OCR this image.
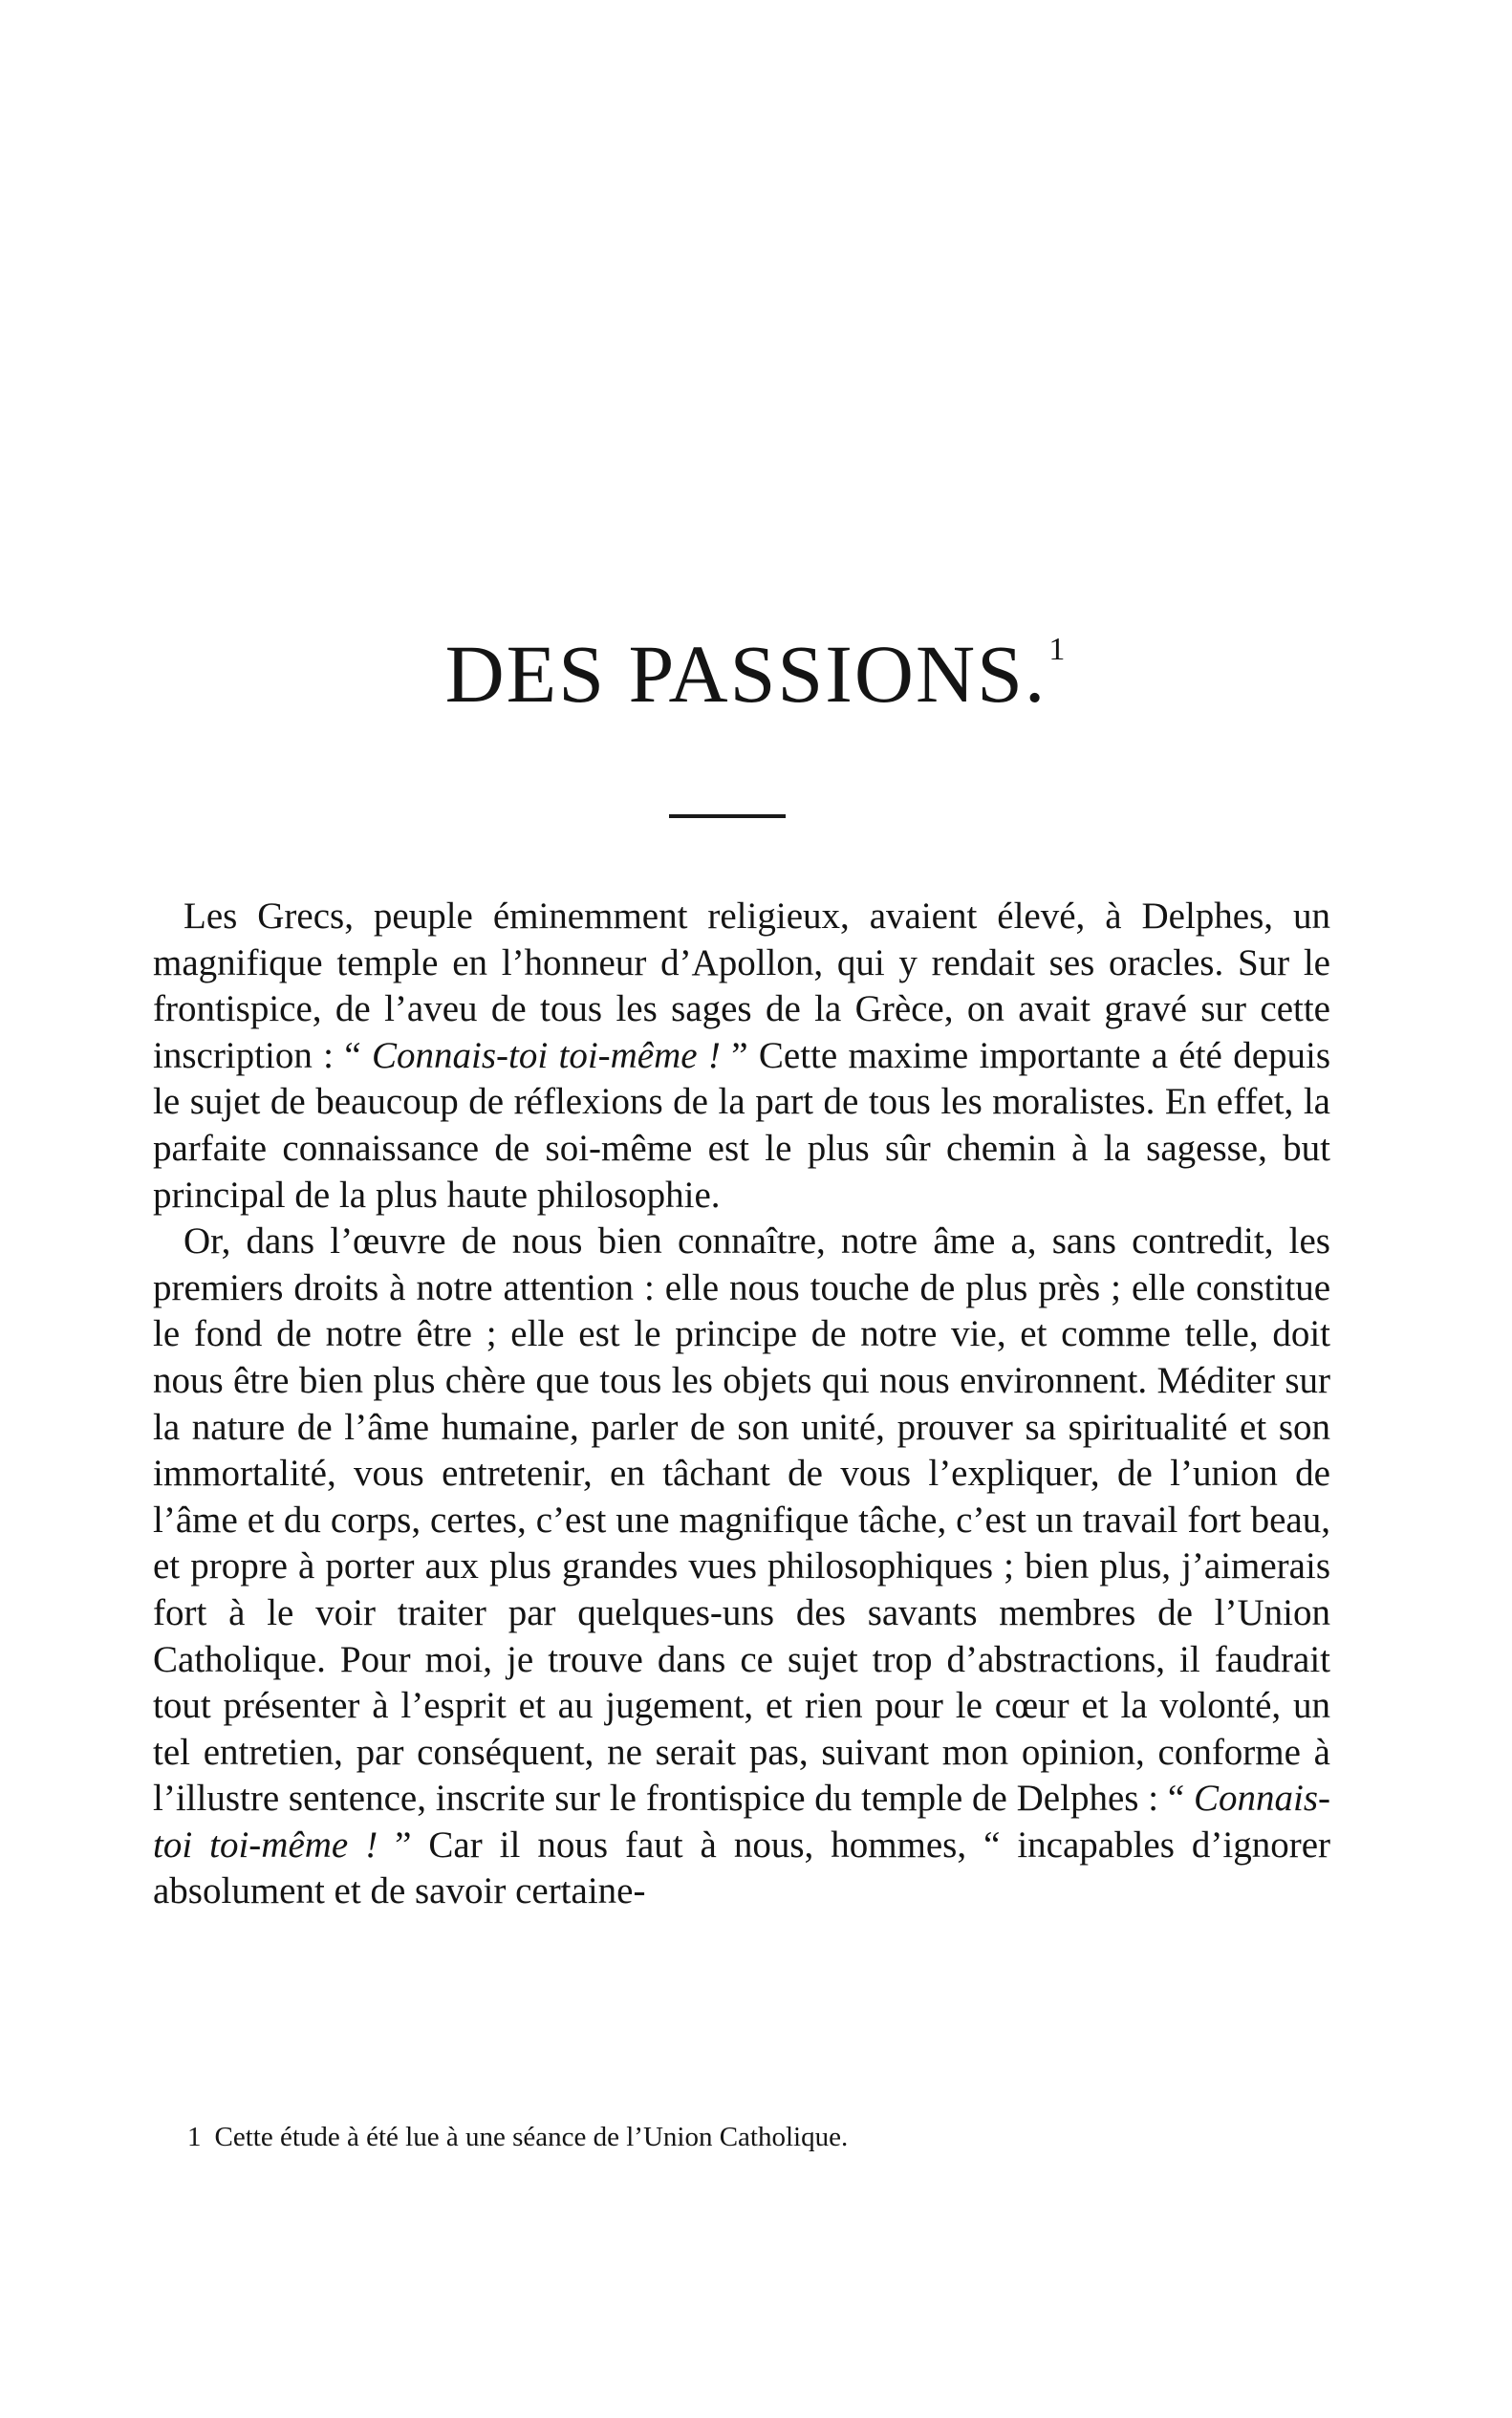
DES PASSIONS.$^1$

Les Grecs, peuple éminemment religieux, avaient élevé, à Delphes, un magnifique temple en l’honneur d’Apollon, qui y rendait ses oracles. Sur le frontispice, de l’aveu de tous les sages de la Grèce, on avait gravé sur cette inscription : “ Connais-toi toi-même ! ” Cette maxime importante a été depuis le sujet de beaucoup de réflexions de la part de tous les moralistes. En effet, la parfaite connaissance de soi-même est le plus sûr chemin à la sagesse, but principal de la plus haute philosophie.

Or, dans l’œuvre de nous bien connaître, notre âme a, sans contredit, les premiers droits à notre attention : elle nous touche de plus près ; elle constitue le fond de notre être ; elle est le principe de notre vie, et comme telle, doit nous être bien plus chère que tous les objets qui nous environnent. Méditer sur la nature de l’âme humaine, parler de son unité, prouver sa spiritualité et son immortalité, vous entretenir, en tâchant de vous l’expliquer, de l’union de l’âme et du corps, certes, c’est une magnifique tâche, c’est un travail fort beau, et propre à porter aux plus grandes vues philosophiques ; bien plus, j’aimerais fort à le voir traiter par quelques-uns des savants membres de l’Union Catholique. Pour moi, je trouve dans ce sujet trop d’abstractions, il faudrait tout présenter à l’esprit et au jugement, et rien pour le cœur et la volonté, un tel entretien, par conséquent, ne serait pas, suivant mon opinion, conforme à l’illustre sentence, inscrite sur le frontispice du temple de Delphes : “ Connais-toi toi-même ! ” Car il nous faut à nous, hommes, “ incapables d’ignorer absolument et de savoir certaine-

1 Cette étude à été lue à une séance de l’Union Catholique.
